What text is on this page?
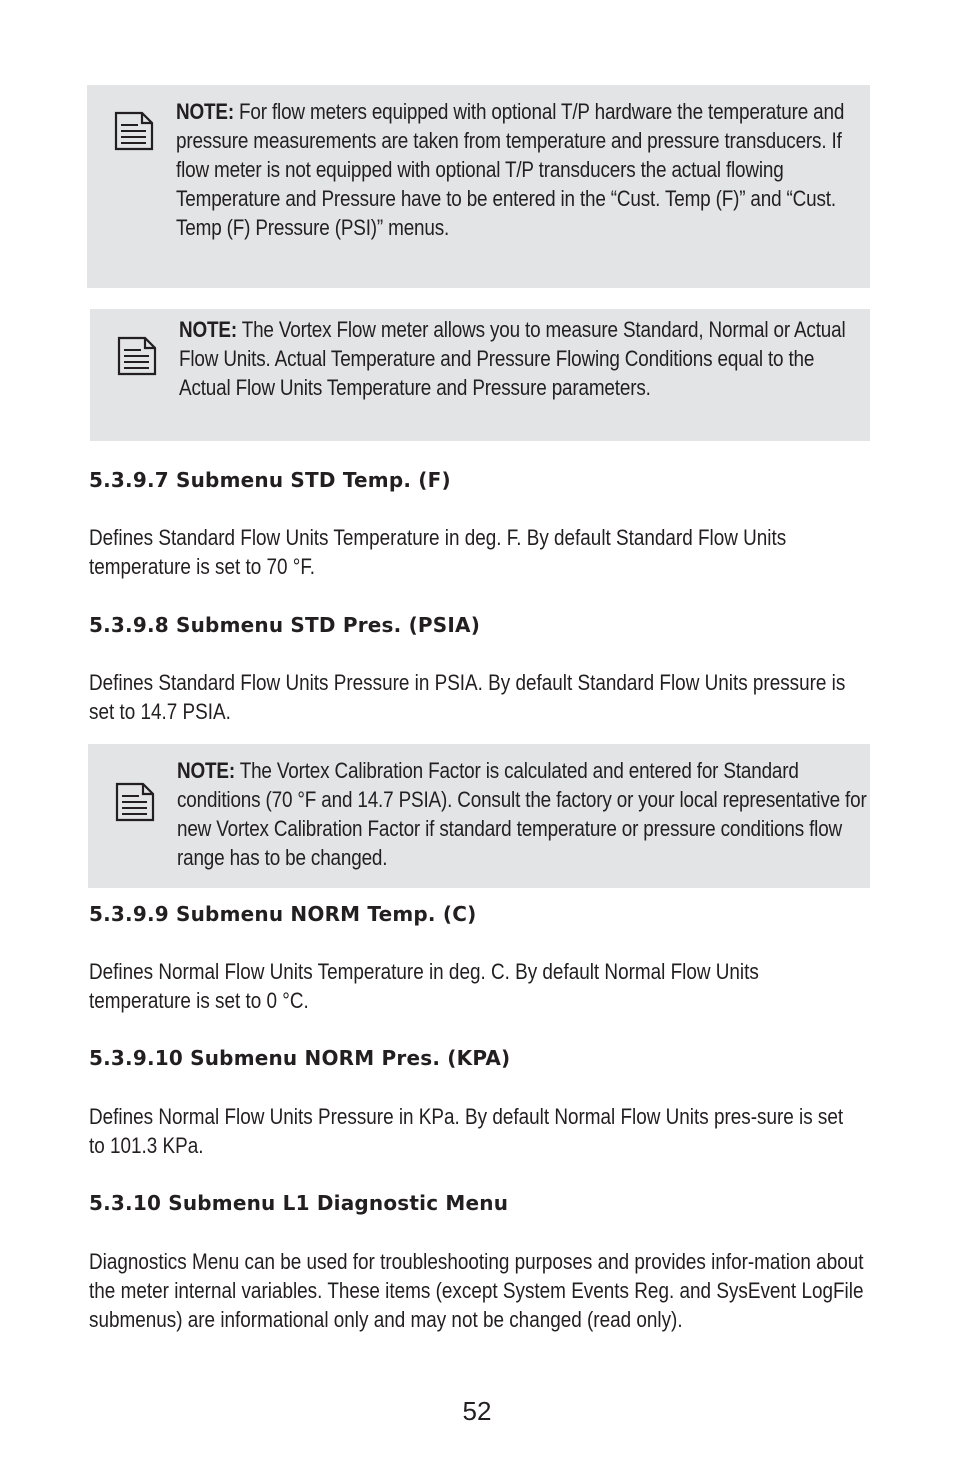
NOTE: For flow meters equipped with optional T/P hardware the temperature and pressure measurements are taken from temperature and pressure transducers. If flow meter is not equipped with optional T/P transducers the actual flowing Temperature and Pressure have to be entered in the “Cust. Temp (F)” and “Cust. Temp (F) Pressure (PSI)” menus.
NOTE: The Vortex Flow meter allows you to measure Standard, Normal or Actual Flow Units. Actual Temperature and Pressure Flowing Conditions equal to the Actual Flow Units Temperature and Pressure parameters.
5.3.9.7 Submenu STD Temp. (F)

Defines Standard Flow Units Temperature in deg. F. By default Standard Flow Units temperature is set to 70 °F.

5.3.9.8 Submenu STD Pres. (PSIA)

Defines Standard Flow Units Pressure in PSIA. By default Standard Flow Units pressure is set to 14.7 PSIA.

NOTE: The Vortex Calibration Factor is calculated and entered for Standard conditions (70 °F and 14.7 PSIA). Consult the factory or your local representative for new Vortex Calibration Factor if standard temperature or pressure conditions flow range has to be changed.
5.3.9.9 Submenu NORM Temp. (C)

Defines Normal Flow Units Temperature in deg. C. By default Normal Flow Units temperature is set to 0 °C.

5.3.9.10 Submenu NORM Pres. (KPA)

Defines Normal Flow Units Pressure in KPa. By default Normal Flow Units pres-sure is set to 101.3 KPa.

5.3.10 Submenu L1 Diagnostic Menu

Diagnostics Menu can be used for troubleshooting purposes and provides infor-mation about the meter internal variables. These items (except System Events Reg. and SysEvent LogFile submenus) are informational only and may not be changed (read only).

52
